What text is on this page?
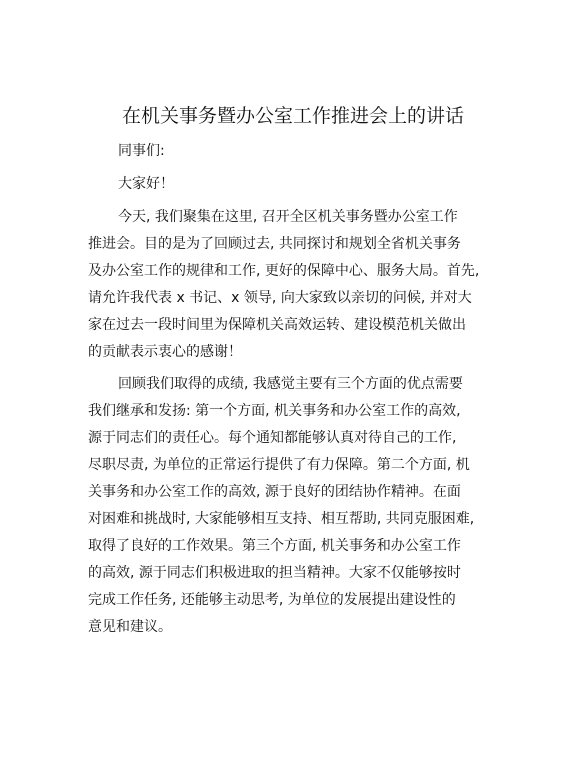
在机关事务暨办公室工作推进会上的讲话
同事们:
大家好！
今天, 我们聚集在这里, 召开全区机关事务暨办公室工作
推进会。目的是为了回顾过去, 共同探讨和规划全省机关事务
及办公室工作的规律和工作, 更好的保障中心、服务大局。首先,
请允许我代表 x 书记、x 领导, 向大家致以亲切的问候, 并对大
家在过去一段时间里为保障机关高效运转、建设模范机关做出
的贡献表示衷心的感谢！
回顾我们取得的成绩, 我感觉主要有三个方面的优点需要
我们继承和发扬: 第一个方面, 机关事务和办公室工作的高效,
源于同志们的责任心。每个通知都能够认真对待自己的工作,
尽职尽责, 为单位的正常运行提供了有力保障。第二个方面, 机
关事务和办公室工作的高效, 源于良好的团结协作精神。在面
对困难和挑战时, 大家能够相互支持、相互帮助, 共同克服困难,
取得了良好的工作效果。第三个方面, 机关事务和办公室工作
的高效, 源于同志们积极进取的担当精神。大家不仅能够按时
完成工作任务, 还能够主动思考, 为单位的发展提出建设性的
意见和建议。
